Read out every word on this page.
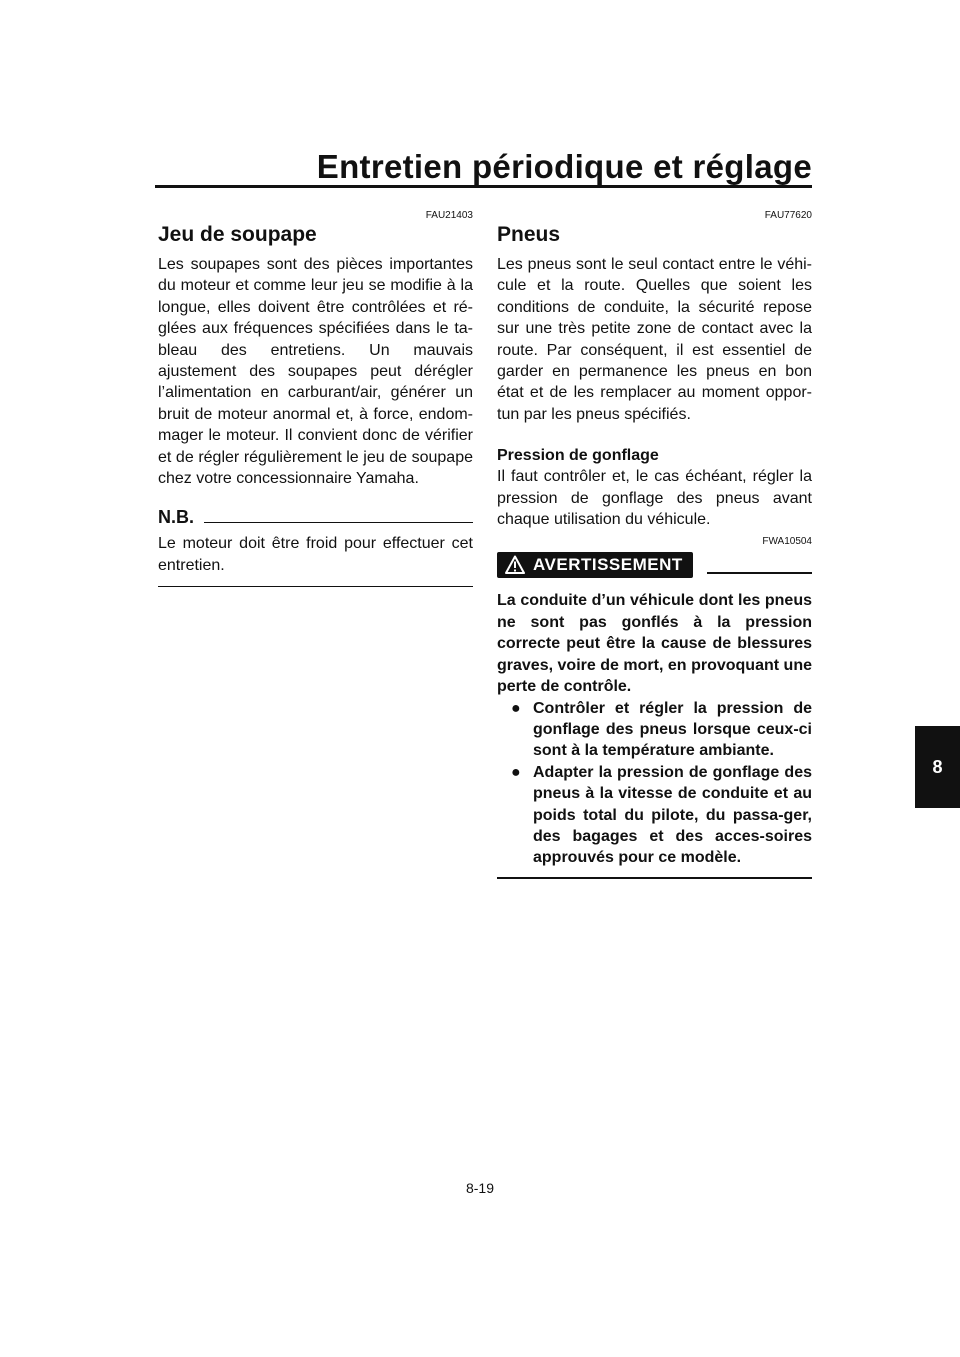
Entretien périodique et réglage
FAU21403
Jeu de soupape

Les soupapes sont des pièces importantes du moteur et comme leur jeu se modifie à la longue, elles doivent être contrôlées et ré-glées aux fréquences spécifiées dans le ta-bleau des entretiens. Un mauvais ajustement des soupapes peut dérégler l’alimentation en carburant/air, générer un bruit de moteur anormal et, à force, endom-mager le moteur. Il convient donc de vérifier et de régler régulièrement le jeu de soupape chez votre concessionnaire Yamaha.

N.B.

Le moteur doit être froid pour effectuer cet entretien.

FAU77620
Pneus

Les pneus sont le seul contact entre le véhi-cule et la route. Quelles que soient les conditions de conduite, la sécurité repose sur une très petite zone de contact avec la route. Par conséquent, il est essentiel de garder en permanence les pneus en bon état et de les remplacer au moment oppor-tun par les pneus spécifiés.

Pression de gonflage

Il faut contrôler et, le cas échéant, régler la pression de gonflage des pneus avant chaque utilisation du véhicule.

FWA10504
AVERTISSEMENT

La conduite d’un véhicule dont les pneus ne sont pas gonflés à la pression correcte peut être la cause de blessures graves, voire de mort, en provoquant une perte de contrôle.

● Contrôler et régler la pression de gonflage des pneus lorsque ceux-ci sont à la température ambiante.
● Adapter la pression de gonflage des pneus à la vitesse de conduite et au poids total du pilote, du passa-ger, des bagages et des acces-soires approuvés pour ce modèle.
8
8-19
